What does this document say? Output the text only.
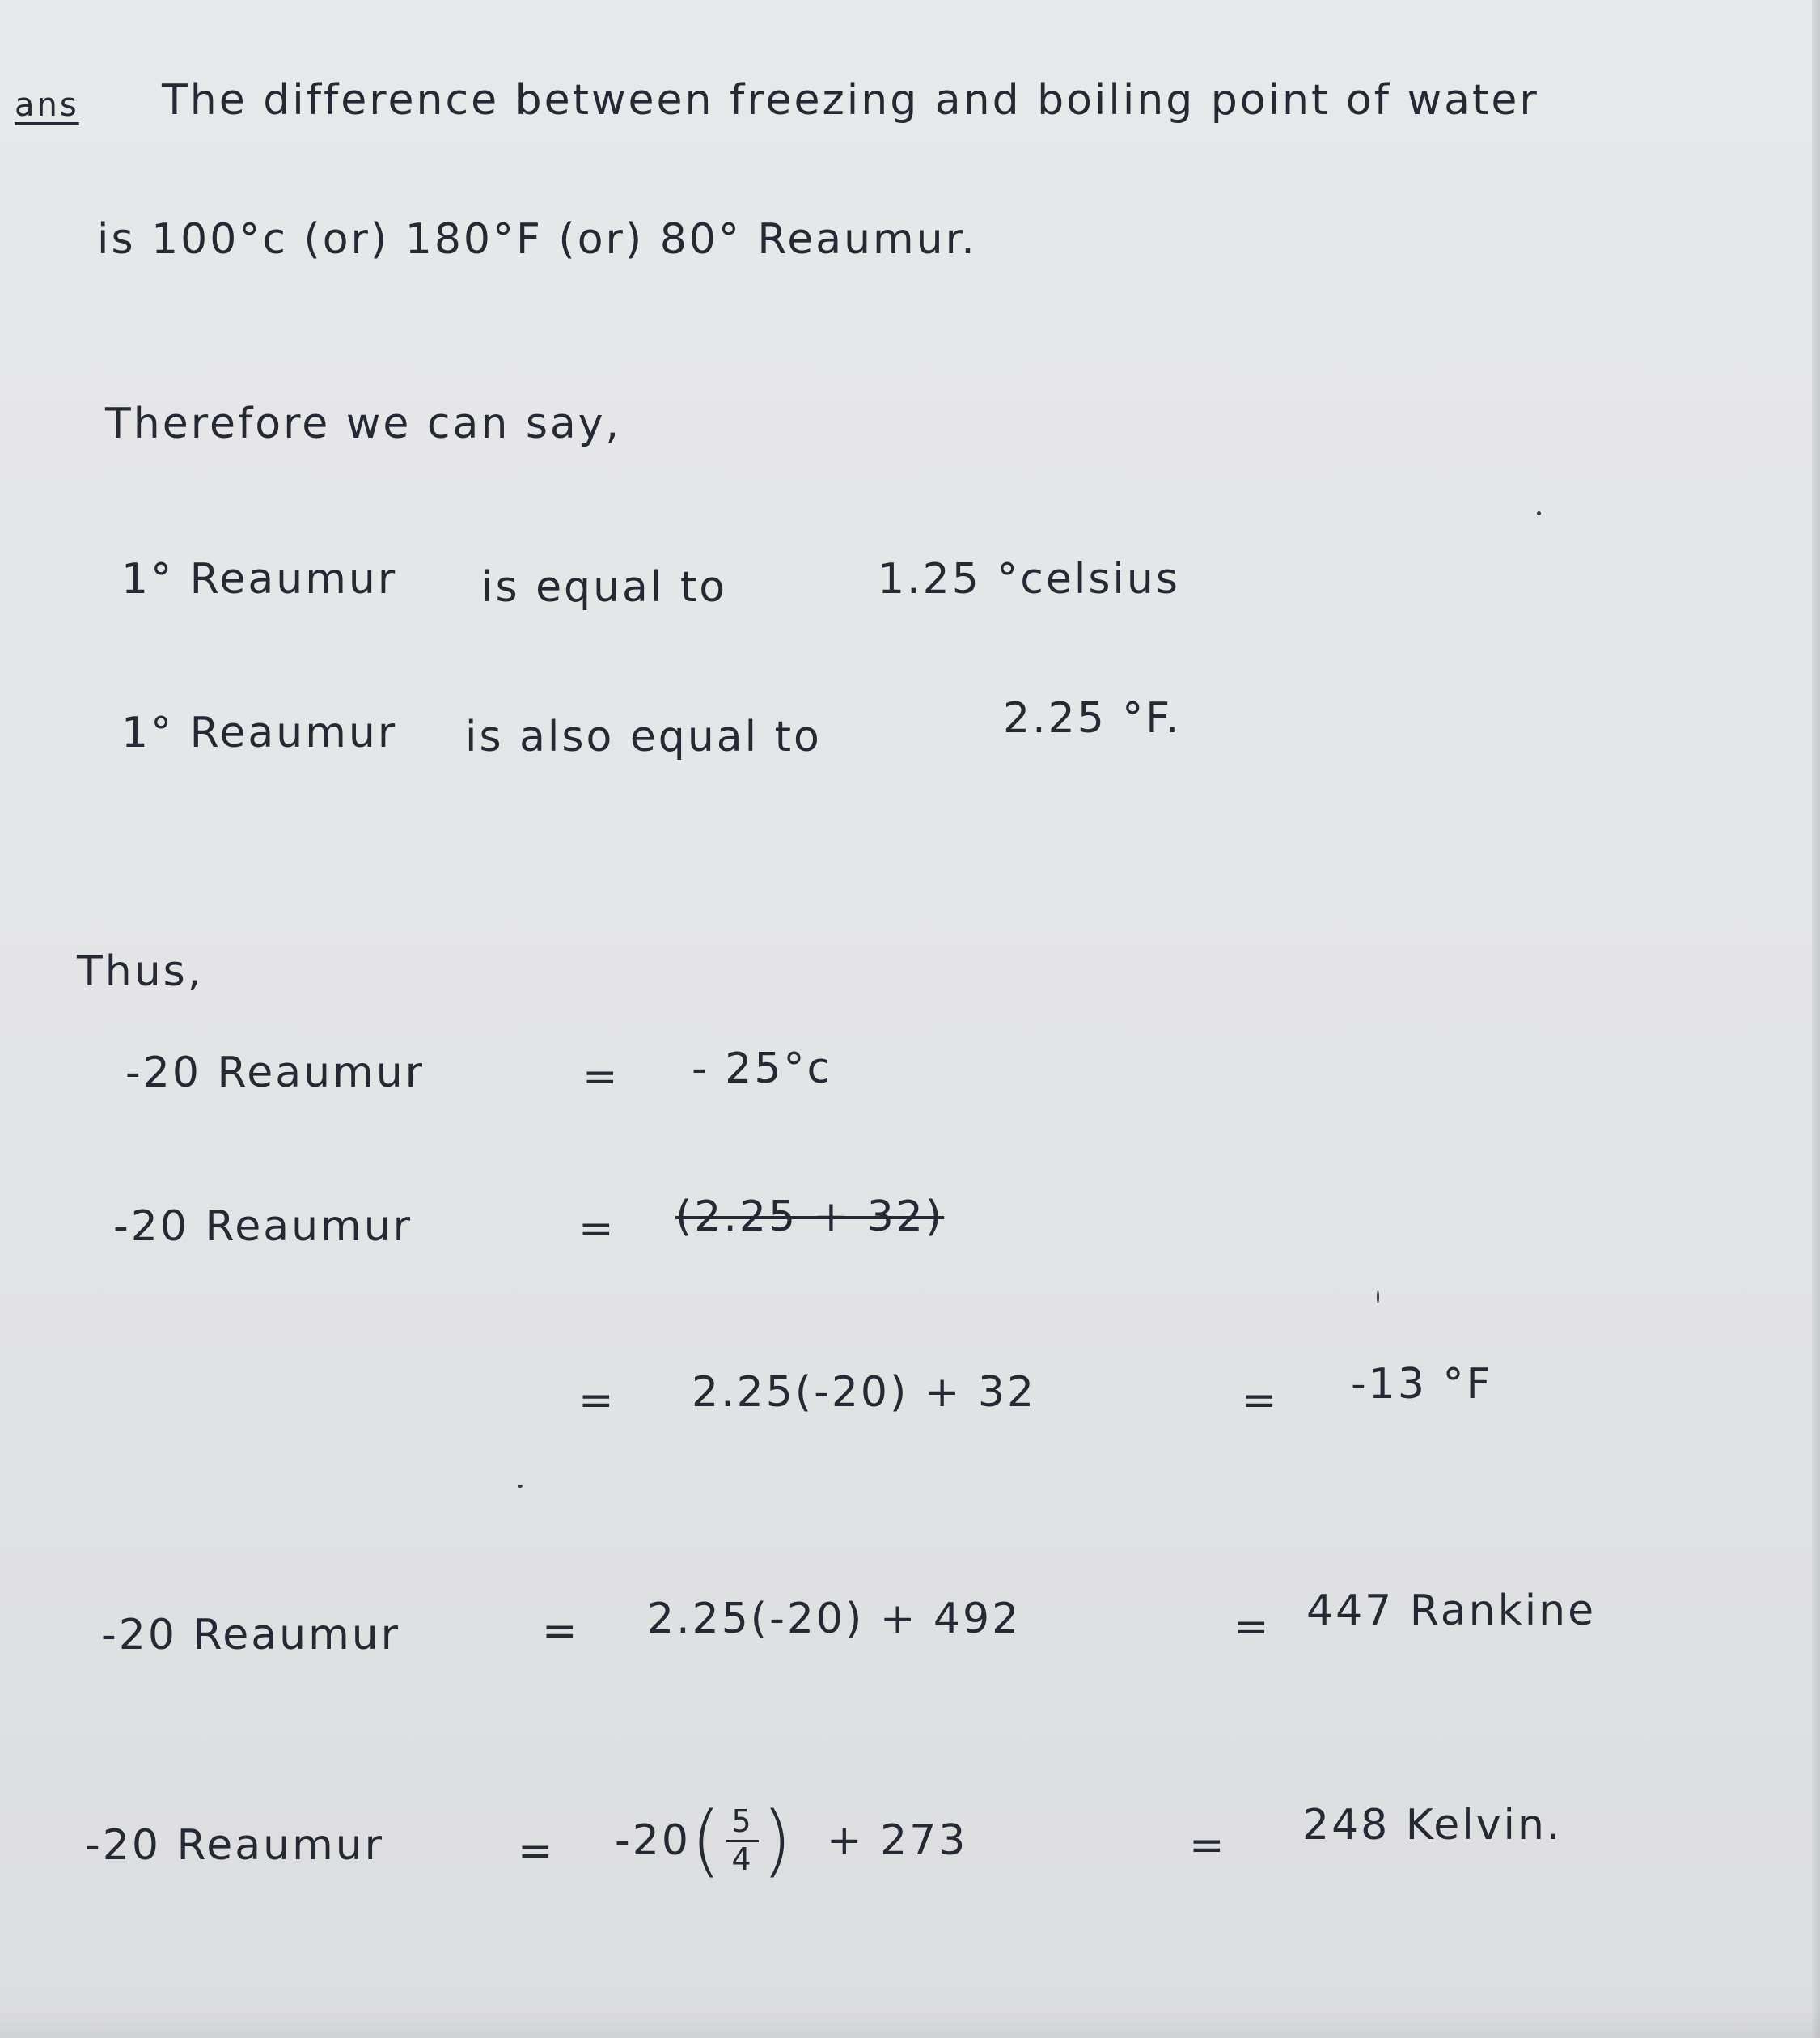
ans The difference between freezing and boiling point of water
is 100°c (or) 180°F (or) 80° Reaumur.
Therefore we can say,
1° Reaumur is equal to	1.25 °celsius
1° Reaumur is also equal to	2.25 °F.
Thus,
-20 Reaumur	= - 25°c
-20 Reaumur	= (2.25 + 32)
= 2.25(-20) + 32	= -13 °F
-20 Reaumur	= 2.25(-20) + 492	= 447 Rankine
-20 Reaumur	= -20 ( $\frac{5}{4}$ ) + 273	= 248 Kelvin.
